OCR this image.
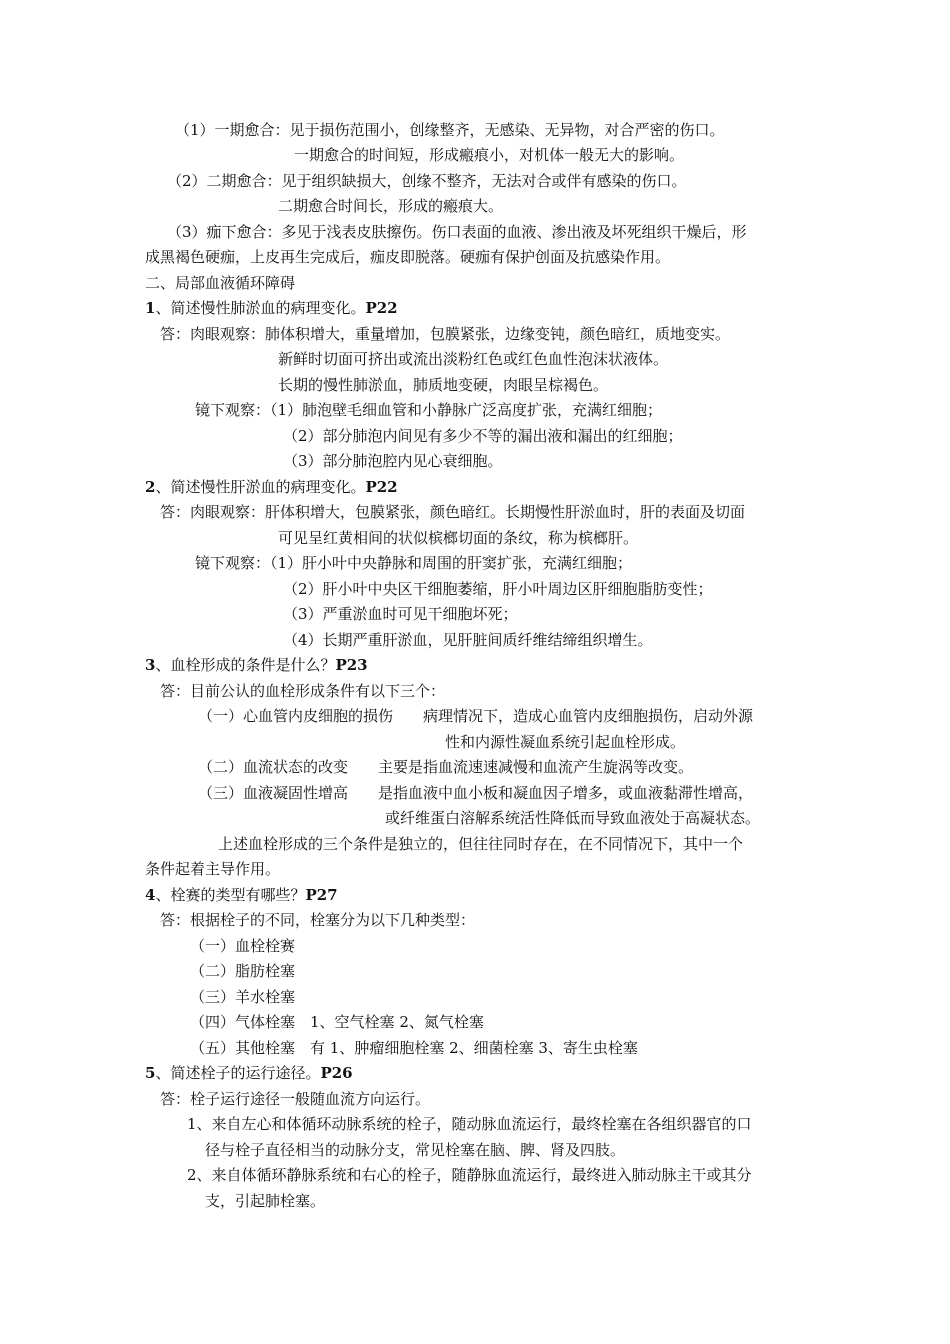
（1）一期愈合：见于损伤范围小，创缘整齐，无感染、无异物，对合严密的伤口。
一期愈合的时间短，形成瘢痕小，对机体一般无大的影响。
（2）二期愈合：见于组织缺损大，创缘不整齐，无法对合或伴有感染的伤口。
二期愈合时间长，形成的瘢痕大。
（3）痂下愈合：多见于浅表皮肤擦伤。伤口表面的血液、渗出液及坏死组织干燥后，形
成黑褐色硬痂，上皮再生完成后，痂皮即脱落。硬痂有保护创面及抗感染作用。
二、局部血液循环障碍
1、简述慢性肺淤血的病理变化。P22
答：肉眼观察：肺体积增大，重量增加，包膜紧张，边缘变钝，颜色暗红，质地变实。
新鲜时切面可挤出或流出淡粉红色或红色血性泡沫状液体。
长期的慢性肺淤血，肺质地变硬，肉眼呈棕褐色。
镜下观察：（1）肺泡壁毛细血管和小静脉广泛高度扩张，充满红细胞；
（2）部分肺泡内间见有多少不等的漏出液和漏出的红细胞；
（3）部分肺泡腔内见心衰细胞。
2、简述慢性肝淤血的病理变化。P22
答：肉眼观察：肝体积增大，包膜紧张，颜色暗红。长期慢性肝淤血时，肝的表面及切面
可见呈红黄相间的状似槟榔切面的条纹，称为槟榔肝。
镜下观察：（1）肝小叶中央静脉和周围的肝窦扩张，充满红细胞；
（2）肝小叶中央区干细胞萎缩，肝小叶周边区肝细胞脂肪变性；
（3）严重淤血时可见干细胞坏死；
（4）长期严重肝淤血，见肝脏间质纤维结缔组织增生。
3、血栓形成的条件是什么？P23
答：目前公认的血栓形成条件有以下三个：
（一）心血管内皮细胞的损伤　　病理情况下，造成心血管内皮细胞损伤，启动外源
性和内源性凝血系统引起血栓形成。
（二）血流状态的改变　　主要是指血流速速减慢和血流产生旋涡等改变。
（三）血液凝固性增高　　是指血液中血小板和凝血因子增多，或血液黏滞性增高，
或纤维蛋白溶解系统活性降低而导致血液处于高凝状态。
上述血栓形成的三个条件是独立的，但往往同时存在，在不同情况下，其中一个
条件起着主导作用。
4、栓赛的类型有哪些？P27
答：根据栓子的不同，栓塞分为以下几种类型：
（一）血栓栓赛
（二）脂肪栓塞
（三）羊水栓塞
（四）气体栓塞　1、空气栓塞 2、氮气栓塞
（五）其他栓塞　有 1、肿瘤细胞栓塞 2、细菌栓塞 3、寄生虫栓塞
5、简述栓子的运行途径。P26
答：栓子运行途径一般随血流方向运行。
1、来自左心和体循环动脉系统的栓子，随动脉血流运行，最终栓塞在各组织器官的口
径与栓子直径相当的动脉分支，常见栓塞在脑、脾、肾及四肢。
2、来自体循环静脉系统和右心的栓子，随静脉血流运行，最终进入肺动脉主干或其分
支，引起肺栓塞。
